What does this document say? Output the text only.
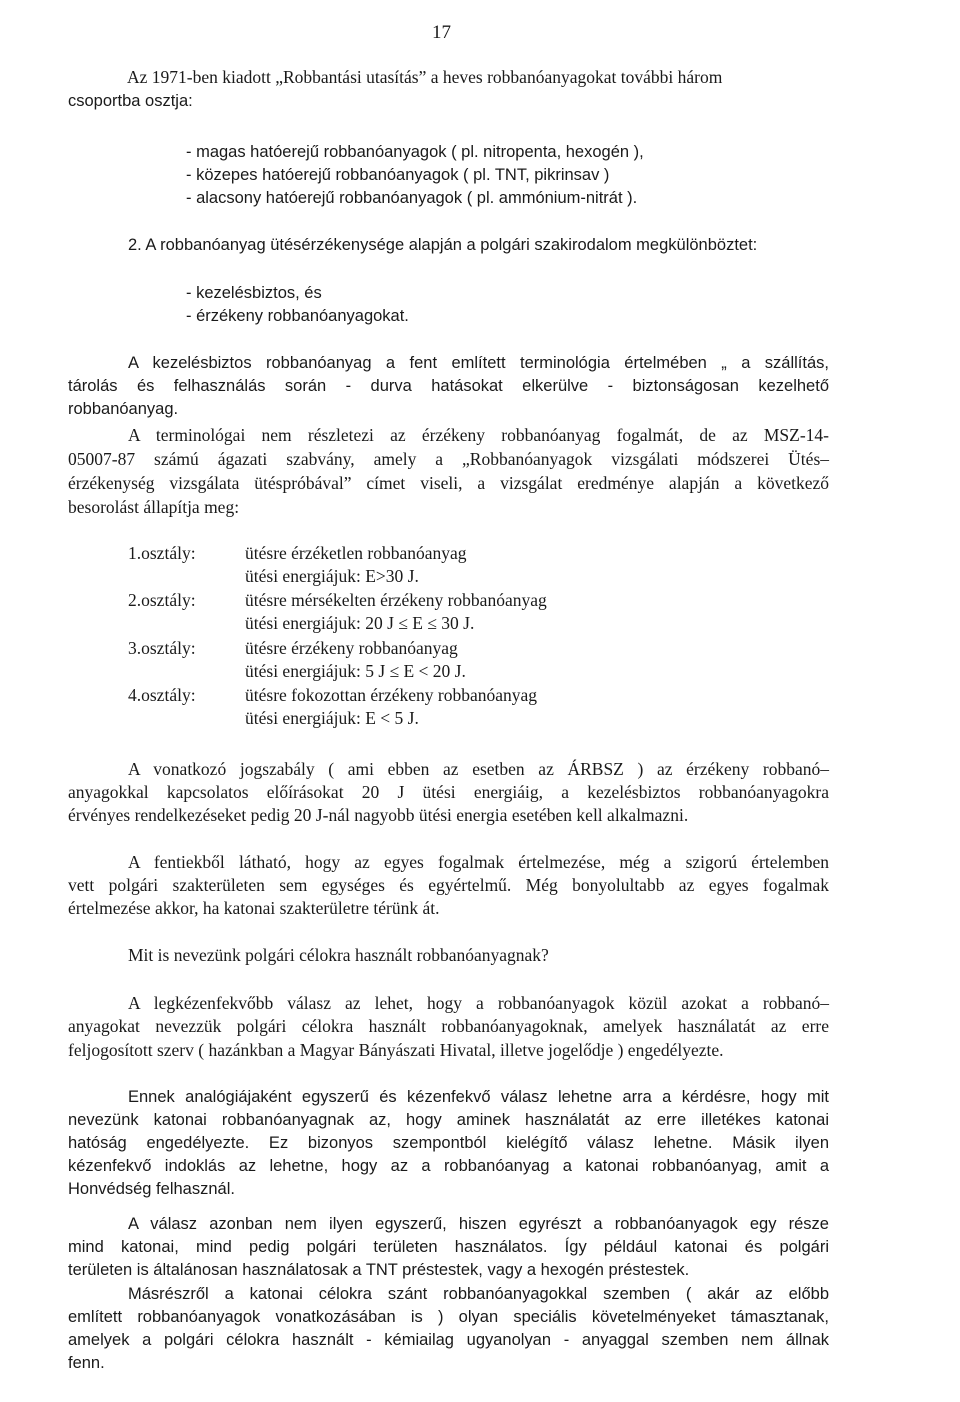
17
Az 1971-ben kiadott „Robbantási utasítás” a heves robbanóanyagokat további három
csoportba osztja:
- magas hatóerejű robbanóanyagok ( pl. nitropenta, hexogén ),
- közepes hatóerejű robbanóanyagok ( pl. TNT, pikrinsav )
- alacsony hatóerejű robbanóanyagok ( pl. ammónium-nitrát ).
2. A robbanóanyag ütésérzékenysége alapján a polgári szakirodalom megkülönböztet:
- kezelésbiztos, és
- érzékeny robbanóanyagokat.
A kezelésbiztos robbanóanyag a fent említett terminológia értelmében „ a szállítás,
tárolás és felhasználás során - durva hatásokat elkerülve - biztonságosan kezelhető
robbanóanyag.
A terminológai nem részletezi az érzékeny robbanóanyag fogalmát, de az MSZ-14-
05007-87 számú ágazati szabvány, amely a „Robbanóanyagok vizsgálati módszerei Ütés–
érzékenység vizsgálata ütéspróbával” címet viseli, a vizsgálat eredménye alapján a következő
besorolást állapítja meg:
1.osztály:	ütésre érzéketlen robbanóanyag
ütési energiájuk: E>30 J.
2.osztály:	ütésre mérsékelten érzékeny robbanóanyag
ütési energiájuk: 20 J ≤ E ≤ 30 J.
3.osztály:	ütésre érzékeny robbanóanyag
ütési energiájuk: 5 J ≤ E < 20 J.
4.osztály:	ütésre fokozottan érzékeny robbanóanyag
ütési energiájuk: E < 5 J.
A vonatkozó jogszabály ( ami ebben az esetben az ÁRBSZ ) az érzékeny robbanó–
anyagokkal kapcsolatos előírásokat 20 J ütési energiáig, a kezelésbiztos robbanóanyagokra
érvényes rendelkezéseket pedig 20 J-nál nagyobb ütési energia esetében kell alkalmazni.
A fentiekből látható, hogy az egyes fogalmak értelmezése, még a szigorú értelemben
vett polgári szakterületen sem egységes és egyértelmű. Még bonyolultabb az egyes fogalmak
értelmezése akkor, ha katonai szakterületre térünk át.
Mit is nevezünk polgári célokra használt robbanóanyagnak?
A legkézenfekvőbb válasz az lehet, hogy a robbanóanyagok közül azokat a robbanó–
anyagokat nevezzük polgári célokra használt robbanóanyagoknak, amelyek használatát az erre
feljogosított szerv ( hazánkban a Magyar Bányászati Hivatal, illetve jogelődje ) engedélyezte.
Ennek analógiájaként egyszerű és kézenfekvő válasz lehetne arra a kérdésre, hogy mit
nevezünk katonai robbanóanyagnak az, hogy aminek használatát az erre illetékes katonai
hatóság engedélyezte. Ez bizonyos szempontból kielégítő válasz lehetne. Másik ilyen
kézenfekvő indoklás az lehetne, hogy az a robbanóanyag a katonai robbanóanyag, amit a
Honvédség felhasznál.
A válasz azonban nem ilyen egyszerű, hiszen egyrészt a robbanóanyagok egy része
mind katonai, mind pedig polgári területen használatos. Így például katonai és polgári
területen is általánosan használatosak a TNT préstestek, vagy a hexogén préstestek.
Másrészről a katonai célokra szánt robbanóanyagokkal szemben ( akár az előbb
említett robbanóanyagok vonatkozásában is ) olyan speciális követelményeket támasztanak,
amelyek a polgári célokra használt - kémiailag ugyanolyan - anyaggal szemben nem állnak
fenn.
